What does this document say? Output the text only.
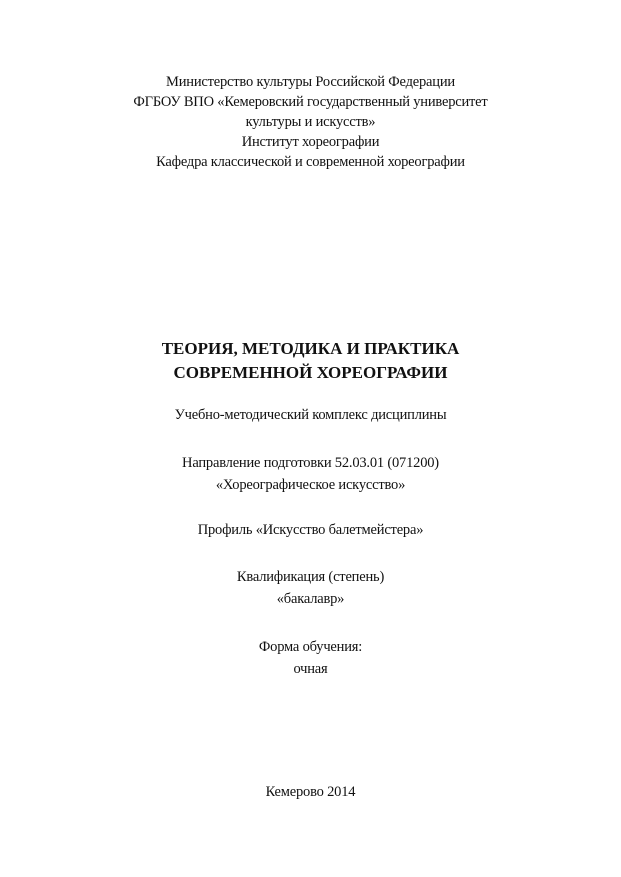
Министерство культуры Российской Федерации
ФГБОУ ВПО «Кемеровский государственный университет
культуры и искусств»
Институт хореографии
Кафедра классической и современной хореографии
ТЕОРИЯ, МЕТОДИКА И ПРАКТИКА
СОВРЕМЕННОЙ ХОРЕОГРАФИИ
Учебно-методический комплекс дисциплины
Направление подготовки 52.03.01 (071200)
«Хореографическое искусство»
Профиль «Искусство балетмейстера»
Квалификация (степень)
«бакалавр»
Форма обучения:
очная
Кемерово 2014
